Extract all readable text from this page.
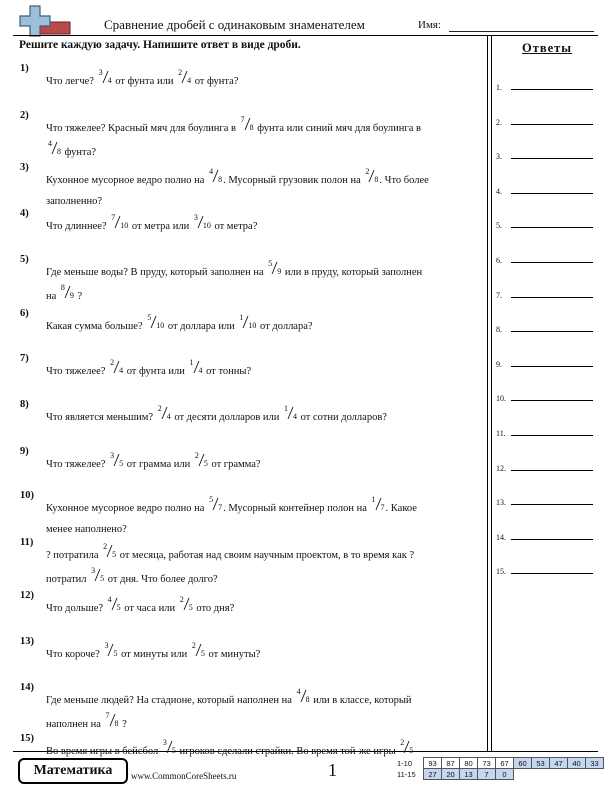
Сравнение дробей с одинаковым знаменателем	Имя:
Решите каждую задачу. Напишите ответ в виде дроби.
1)
Что легче?
3
4 от фунта или
2
4 от фунта?
2)
Что тяжелее? Красный мяч для боулинга в
7
8 фунта или синий мяч для боулинга в
4
8 фунта?
3)
Кухонное мусорное ведро полно на
4
8 . Мусорный грузовик полон на
2
8 . Что более
заполненно?
4)
Что длиннее?
7
10 от метра или
3
10 от метра?
5)
Где меньше воды? В пруду, который заполнен на
5
9 или в пруду, который заполнен
на
8
9 ?
6)
Какая сумма больше?
5
10 от доллара или
1
10 от доллара?
7)
Что тяжелее?
2
4 от фунта или
1
4 от тонны?
8)
Что является меньшим?
2
4 от десяти долларов или
1
4 от сотни долларов?
9)
Что тяжелее?
3
5 от грамма или
2
5 от грамма?
10)
Кухонное мусорное ведро полно на
5
7 . Мусорный контейнер полон на
1
7 . Какое
менее наполнено?
11)
? потратила
2
5 от месяца, работая над своим научным проектом, в то время как ?
потратил
3
5 от дня. Что более долго?
12)
Что дольше?
4
5 от часа или
2
5 ото дня?
13)
Что короче?
3
5 от минуты или
2
5 от минуты?
14)
Где меньше людей? На стадионе, который наполнен на
4
8 или в классе, который
наполнен на
7
8 ?
15)
Во время игры в бейсбол
3
5 игроков сделали страйки. Во время той-же игры
2
5
Ответы
1.
2.
3.
4.
5.
6.
7.
8.
9.
10.
11.
12.
13.
14.
15.
Математика	www.CommonCoreSheets.ru	1	1-10	93	87	80	73	67	60	53	47	40	33
11-15	27	20	13	7	0					
